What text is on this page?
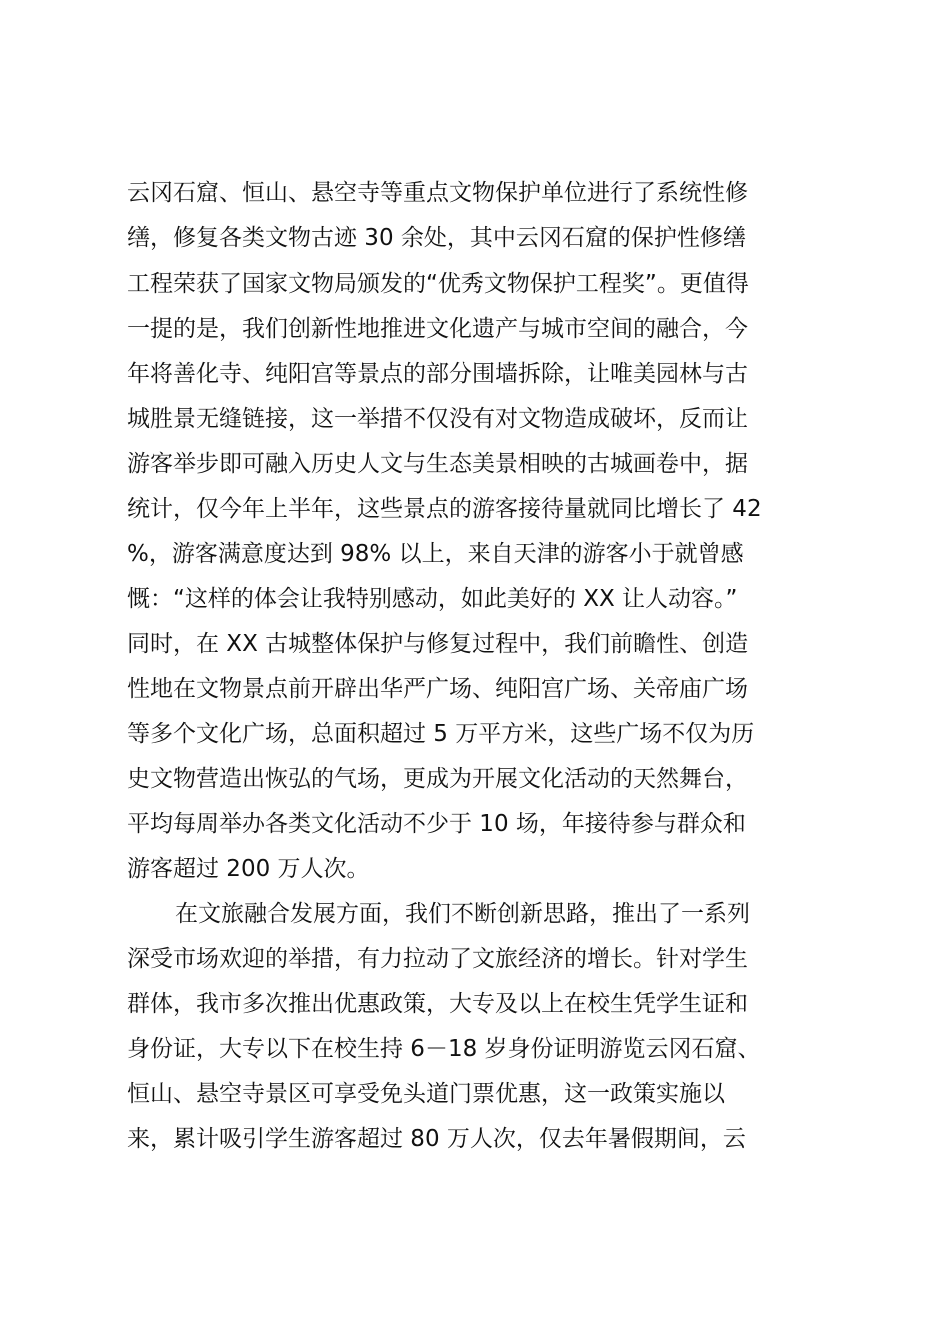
云冈石窟、恒山、悬空寺等重点文物保护单位进行了系统性修
缮，修复各类文物古迹 30 余处，其中云冈石窟的保护性修缮
工程荣获了国家文物局颁发的“优秀文物保护工程奖”。更值得
一提的是，我们创新性地推进文化遗产与城市空间的融合，今
年将善化寺、纯阳宫等景点的部分围墙拆除，让唯美园林与古
城胜景无缝链接，这一举措不仅没有对文物造成破坏，反而让
游客举步即可融入历史人文与生态美景相映的古城画卷中，据
统计，仅今年上半年，这些景点的游客接待量就同比增长了 42
%，游客满意度达到 98% 以上，来自天津的游客小于就曾感
慨：“这样的体会让我特别感动，如此美好的 XX 让人动容。”
同时，在 XX 古城整体保护与修复过程中，我们前瞻性、创造
性地在文物景点前开辟出华严广场、纯阳宫广场、关帝庙广场
等多个文化广场，总面积超过 5 万平方米，这些广场不仅为历
史文物营造出恢弘的气场，更成为开展文化活动的天然舞台，
平均每周举办各类文化活动不少于 10 场，年接待参与群众和
游客超过 200 万人次。
在文旅融合发展方面，我们不断创新思路，推出了一系列
深受市场欢迎的举措，有力拉动了文旅经济的增长。针对学生
群体，我市多次推出优惠政策，大专及以上在校生凭学生证和
身份证，大专以下在校生持 6－18 岁身份证明游览云冈石窟、
恒山、悬空寺景区可享受免头道门票优惠，这一政策实施以
来，累计吸引学生游客超过 80 万人次，仅去年暑假期间，云
